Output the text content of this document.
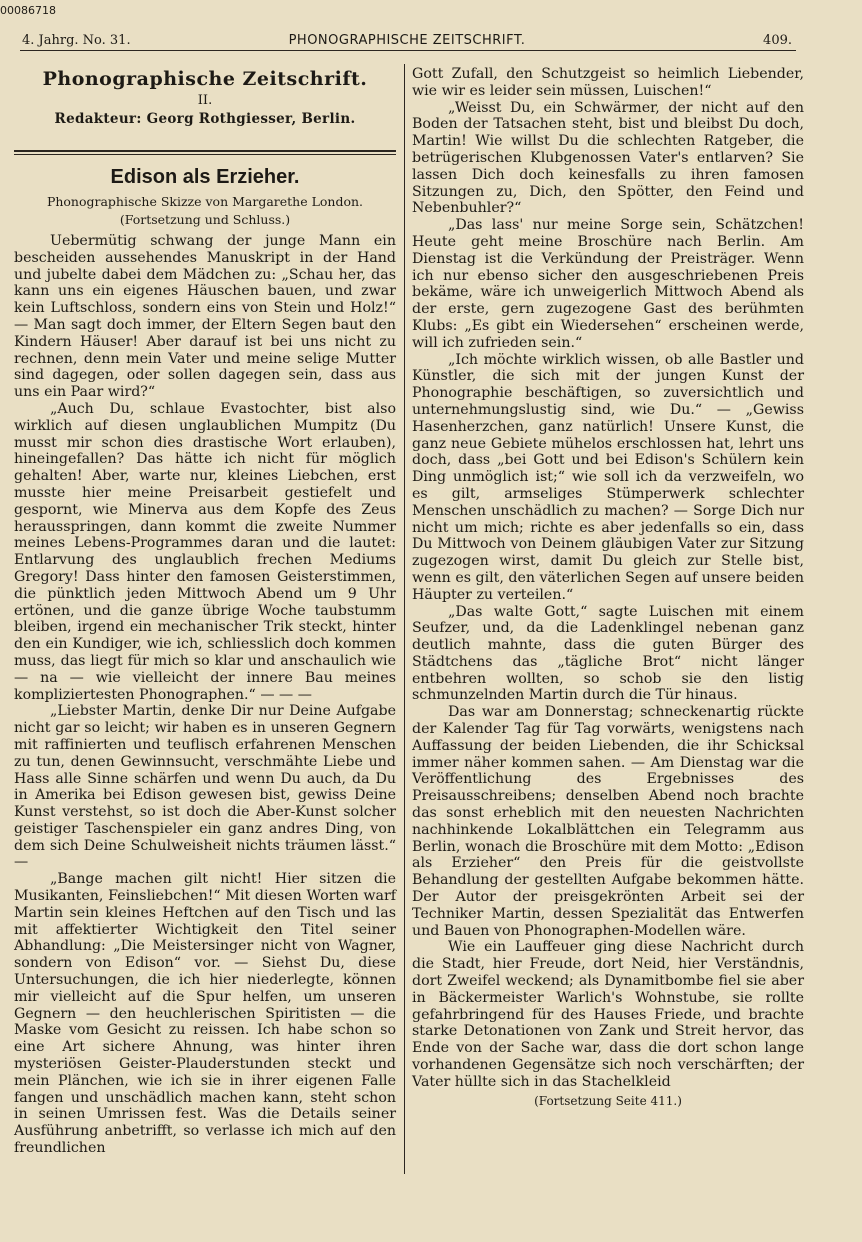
00086718
4. Jahrg. No. 31.	PHONOGRAPHISCHE ZEITSCHRIFT.	409.
Phonographische Zeitschrift.
II.
Redakteur: Georg Rothgiesser, Berlin.
Edison als Erzieher.
Phonographische Skizze von Margarethe London.
(Fortsetzung und Schluss.)

Uebermütig schwang der junge Mann ein bescheiden aussehendes Manuskript in der Hand und jubelte dabei dem Mädchen zu: „Schau her, das kann uns ein eigenes Häuschen bauen, und zwar kein Luftschloss, sondern eins von Stein und Holz!“ — Man sagt doch immer, der Eltern Segen baut den Kindern Häuser! Aber darauf ist bei uns nicht zu rechnen, denn mein Vater und meine selige Mutter sind dagegen, oder sollen dagegen sein, dass aus uns ein Paar wird?“

„Auch Du, schlaue Evastochter, bist also wirklich auf diesen unglaublichen Mumpitz (Du musst mir schon dies drastische Wort erlauben), hineingefallen? Das hätte ich nicht für möglich gehalten! Aber, warte nur, kleines Liebchen, erst musste hier meine Preisarbeit gestiefelt und gespornt, wie Minerva aus dem Kopfe des Zeus herausspringen, dann kommt die zweite Nummer meines Lebens-Programmes daran und die lautet: Entlarvung des unglaublich frechen Mediums Gregory! Dass hinter den famosen Geisterstimmen, die pünktlich jeden Mittwoch Abend um 9 Uhr ertönen, und die ganze übrige Woche taubstumm bleiben, irgend ein mechanischer Trik steckt, hinter den ein Kundiger, wie ich, schliesslich doch kommen muss, das liegt für mich so klar und anschaulich wie — na — wie vielleicht der innere Bau meines kompliziertesten Phonographen.“ — — —

„Liebster Martin, denke Dir nur Deine Aufgabe nicht gar so leicht; wir haben es in unseren Gegnern mit raffinierten und teuflisch erfahrenen Menschen zu tun, denen Gewinnsucht, verschmähte Liebe und Hass alle Sinne schärfen und wenn Du auch, da Du in Amerika bei Edison gewesen bist, gewiss Deine Kunst verstehst, so ist doch die Aber-Kunst solcher geistiger Taschenspieler ein ganz andres Ding, von dem sich Deine Schulweisheit nichts träumen lässt.“ —

„Bange machen gilt nicht! Hier sitzen die Musikanten, Feinsliebchen!“ Mit diesen Worten warf Martin sein kleines Heftchen auf den Tisch und las mit affektierter Wichtigkeit den Titel seiner Abhandlung: „Die Meistersinger nicht von Wagner, sondern von Edison“ vor. — Siehst Du, diese Untersuchungen, die ich hier niederlegte, können mir vielleicht auf die Spur helfen, um unseren Gegnern — den heuchlerischen Spiritisten — die Maske vom Gesicht zu reissen. Ich habe schon so eine Art sichere Ahnung, was hinter ihren mysteriösen Geister-Plauderstunden steckt und mein Plänchen, wie ich sie in ihrer eigenen Falle fangen und unschädlich machen kann, steht schon in seinen Umrissen fest. Was die Details seiner Ausführung anbetrifft, so verlasse ich mich auf den freundlichen

Gott Zufall, den Schutzgeist so heimlich Liebender, wie wir es leider sein müssen, Luischen!“

„Weisst Du, ein Schwärmer, der nicht auf den Boden der Tatsachen steht, bist und bleibst Du doch, Martin! Wie willst Du die schlechten Ratgeber, die betrügerischen Klubgenossen Vater's entlarven? Sie lassen Dich doch keinesfalls zu ihren famosen Sitzungen zu, Dich, den Spötter, den Feind und Nebenbuhler?“

„Das lass' nur meine Sorge sein, Schätzchen! Heute geht meine Broschüre nach Berlin. Am Dienstag ist die Verkündung der Preisträger. Wenn ich nur ebenso sicher den ausgeschriebenen Preis bekäme, wäre ich unweigerlich Mittwoch Abend als der erste, gern zugezogene Gast des berühmten Klubs: „Es gibt ein Wiedersehen“ erscheinen werde, will ich zufrieden sein.“

„Ich möchte wirklich wissen, ob alle Bastler und Künstler, die sich mit der jungen Kunst der Phonographie beschäftigen, so zuversichtlich und unternehmungslustig sind, wie Du.“ — „Gewiss Hasenherzchen, ganz natürlich! Unsere Kunst, die ganz neue Gebiete mühelos erschlossen hat, lehrt uns doch, dass „bei Gott und bei Edison's Schülern kein Ding unmöglich ist;“ wie soll ich da verzweifeln, wo es gilt, armseliges Stümperwerk schlechter Menschen unschädlich zu machen? — Sorge Dich nur nicht um mich; richte es aber jedenfalls so ein, dass Du Mittwoch von Deinem gläubigen Vater zur Sitzung zugezogen wirst, damit Du gleich zur Stelle bist, wenn es gilt, den väterlichen Segen auf unsere beiden Häupter zu verteilen.“

„Das walte Gott,“ sagte Luischen mit einem Seufzer, und, da die Ladenklingel nebenan ganz deutlich mahnte, dass die guten Bürger des Städtchens das „tägliche Brot“ nicht länger entbehren wollten, so schob sie den listig schmunzelnden Martin durch die Tür hinaus.

Das war am Donnerstag; schneckenartig rückte der Kalender Tag für Tag vorwärts, wenigstens nach Auffassung der beiden Liebenden, die ihr Schicksal immer näher kommen sahen. — Am Dienstag war die Veröffentlichung des Ergebnisses des Preisausschreibens; denselben Abend noch brachte das sonst erheblich mit den neuesten Nachrichten nachhinkende Lokalblättchen ein Telegramm aus Berlin, wonach die Broschüre mit dem Motto: „Edison als Erzieher“ den Preis für die geistvollste Behandlung der gestellten Aufgabe bekommen hätte. Der Autor der preisgekrönten Arbeit sei der Techniker Martin, dessen Spezialität das Entwerfen und Bauen von Phonographen-Modellen wäre.

Wie ein Lauffeuer ging diese Nachricht durch die Stadt, hier Freude, dort Neid, hier Verständnis, dort Zweifel weckend; als Dynamitbombe fiel sie aber in Bäckermeister Warlich's Wohnstube, sie rollte gefahrbringend für des Hauses Friede, und brachte starke Detonationen von Zank und Streit hervor, das Ende von der Sache war, dass die dort schon lange vorhandenen Gegensätze sich noch verschärften; der Vater hüllte sich in das Stachelkleid

(Fortsetzung Seite 411.)
